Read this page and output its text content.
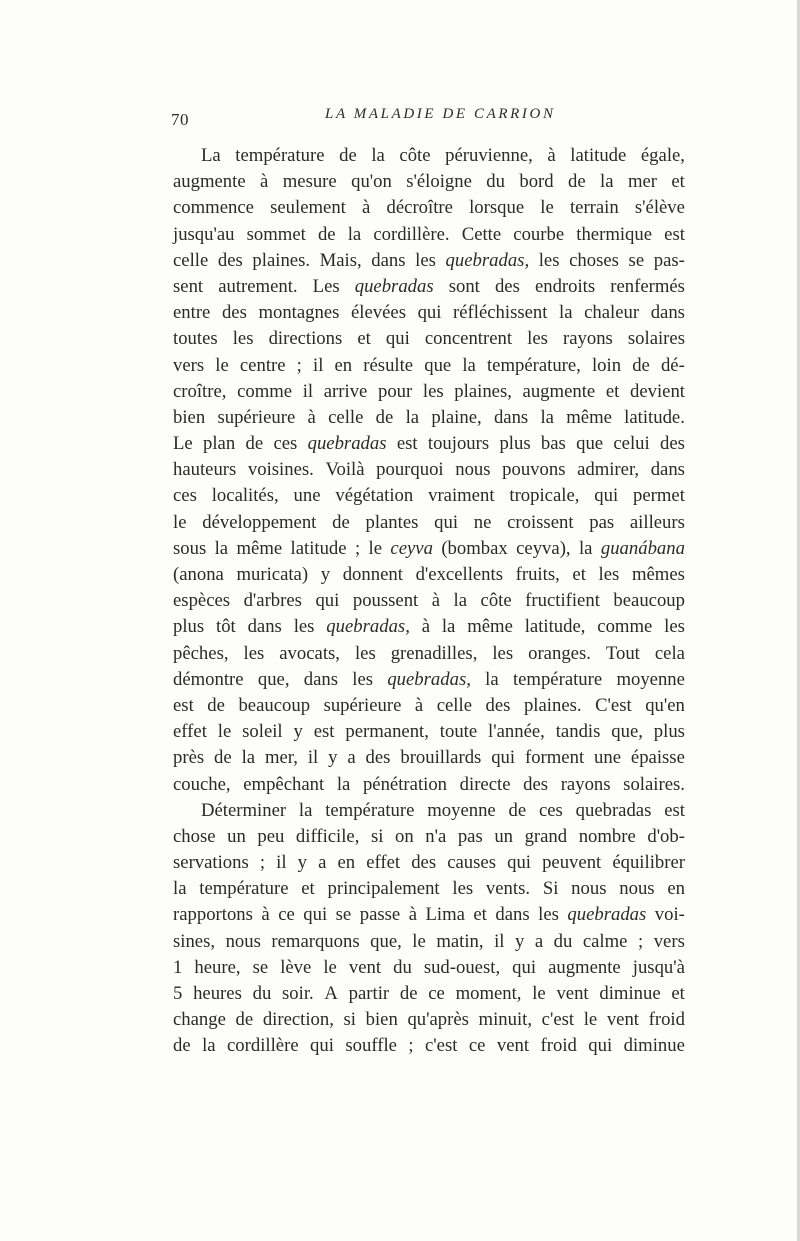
70	LA MALADIE DE CARRION
La température de la côte péruvienne, à latitude égale,
augmente à mesure qu'on s'éloigne du bord de la mer et
commence seulement à décroître lorsque le terrain s'élève
jusqu'au sommet de la cordillère. Cette courbe thermique est
celle des plaines. Mais, dans les quebradas, les choses se pas-
sent autrement. Les quebradas sont des endroits renfermés
entre des montagnes élevées qui réfléchissent la chaleur dans
toutes les directions et qui concentrent les rayons solaires
vers le centre ; il en résulte que la température, loin de dé-
croître, comme il arrive pour les plaines, augmente et devient
bien supérieure à celle de la plaine, dans la même latitude.
Le plan de ces quebradas est toujours plus bas que celui des
hauteurs voisines. Voilà pourquoi nous pouvons admirer, dans
ces localités, une végétation vraiment tropicale, qui permet
le développement de plantes qui ne croissent pas ailleurs
sous la même latitude ; le ceyva (bombax ceyva), la guanábana
(anona muricata) y donnent d'excellents fruits, et les mêmes
espèces d'arbres qui poussent à la côte fructifient beaucoup
plus tôt dans les quebradas, à la même latitude, comme les
pêches, les avocats, les grenadilles, les oranges. Tout cela
démontre que, dans les quebradas, la température moyenne
est de beaucoup supérieure à celle des plaines. C'est qu'en
effet le soleil y est permanent, toute l'année, tandis que, plus
près de la mer, il y a des brouillards qui forment une épaisse
couche, empêchant la pénétration directe des rayons solaires.
Déterminer la température moyenne de ces quebradas est
chose un peu difficile, si on n'a pas un grand nombre d'ob-
servations ; il y a en effet des causes qui peuvent équilibrer
la température et principalement les vents. Si nous nous en
rapportons à ce qui se passe à Lima et dans les quebradas voi-
sines, nous remarquons que, le matin, il y a du calme ; vers
1 heure, se lève le vent du sud-ouest, qui augmente jusqu'à
5 heures du soir. A partir de ce moment, le vent diminue et
change de direction, si bien qu'après minuit, c'est le vent froid
de la cordillère qui souffle ; c'est ce vent froid qui diminue
